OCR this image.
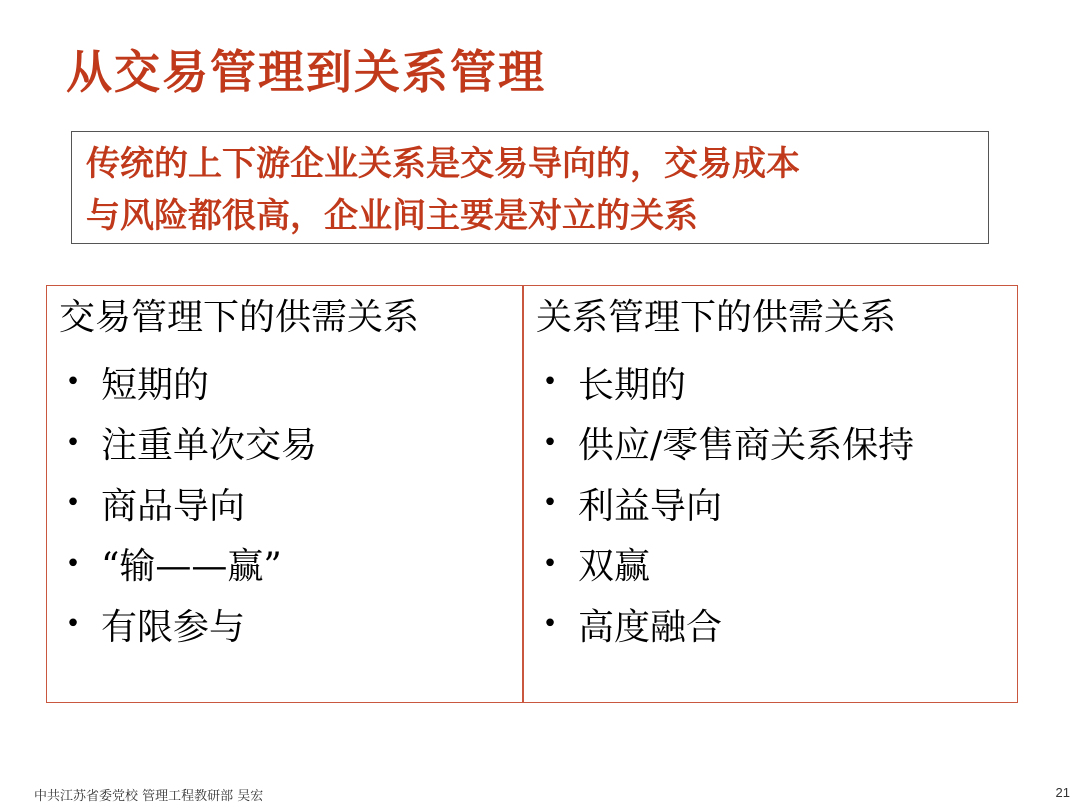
从交易管理到关系管理
传统的上下游企业关系是交易导向的，交易成本
与风险都很高，企业间主要是对立的关系
交易管理下的供需关系
• 短期的
• 注重单次交易
• 商品导向
• “输——赢”
• 有限参与
关系管理下的供需关系
• 长期的
• 供应/零售商关系保持
• 利益导向
• 双赢
• 高度融合
中共江苏省委党校 管理工程教研部 吴宏	21
